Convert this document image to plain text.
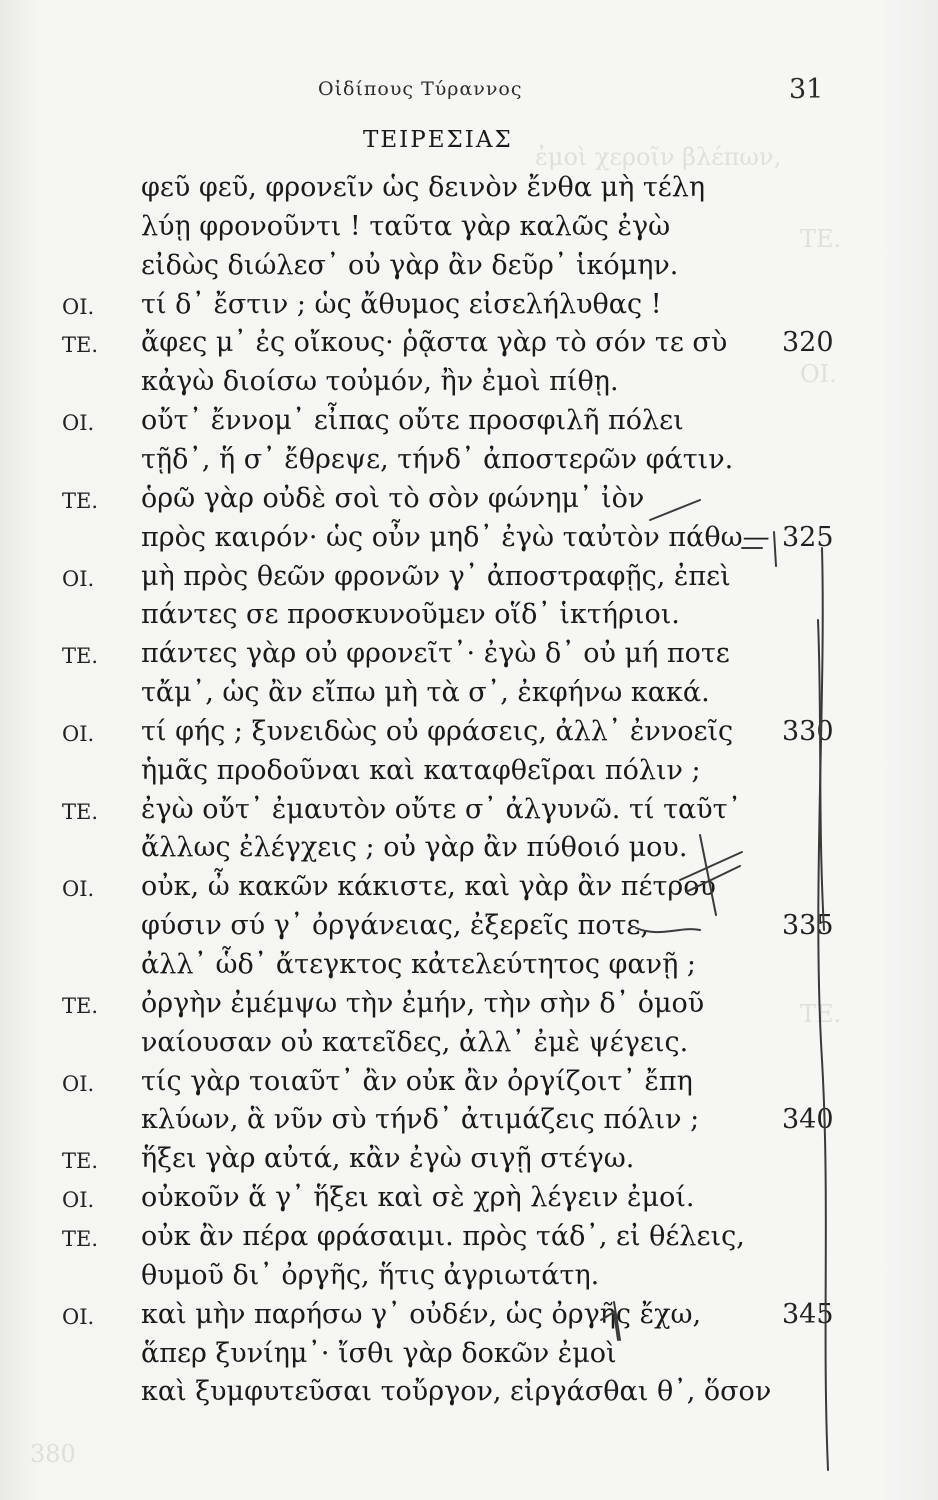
ἐμοὶ χεροῖν βλέπων,
ΤΕ.
ΟΙ.
ΤΕ.
380
Οἰδίπους Τύραννος	31
ΤΕΙΡΕΣΙΑΣ
φεῦ φεῦ, φρονεῖν ὡς δεινὸν ἔνθα μὴ τέλη
λύῃ φρονοῦντι ! ταῦτα γὰρ καλῶς ἐγὼ
εἰδὼς διώλεσ᾽ οὐ γὰρ ἂν δεῦρ᾽ ἱκόμην.
ΟΙ. τί δ᾽ ἔστιν ; ὡς ἄθυμος εἰσελήλυθας !
ΤΕ. ἄφες μ᾽ ἐς οἴκους· ῥᾷστα γὰρ τὸ σόν τε σὺ 320
κἀγὼ διοίσω τοὐμόν, ἢν ἐμοὶ πίθῃ.
ΟΙ. οὔτ᾽ ἔννομ᾽ εἶπας οὔτε προσφιλῆ πόλει
τῇδ᾽, ἥ σ᾽ ἔθρεψε, τήνδ᾽ ἀποστερῶν φάτιν.
ΤΕ. ὁρῶ γὰρ οὐδὲ σοὶ τὸ σὸν φώνημ᾽ ἰὸν
πρὸς καιρόν· ὡς οὖν μηδ᾽ ἐγὼ ταὐτὸν πάθω— 325
ΟΙ. μὴ πρὸς θεῶν φρονῶν γ᾽ ἀποστραφῇς, ἐπεὶ
πάντες σε προσκυνοῦμεν οἵδ᾽ ἱκτήριοι.
ΤΕ. πάντες γὰρ οὐ φρονεῖτ᾽· ἐγὼ δ᾽ οὐ μή ποτε
τἄμ᾽, ὡς ἂν εἴπω μὴ τὰ σ᾽, ἐκφήνω κακά.
ΟΙ. τί φής ; ξυνειδὼς οὐ φράσεις, ἀλλ᾽ ἐννοεῖς 330
ἡμᾶς προδοῦναι καὶ καταφθεῖραι πόλιν ;
ΤΕ. ἐγὼ οὔτ᾽ ἐμαυτὸν οὔτε σ᾽ ἀλγυνῶ. τί ταῦτ᾽
ἄλλως ἐλέγχεις ; οὐ γὰρ ἂν πύθοιό μου.
ΟΙ. οὐκ, ὦ κακῶν κάκιστε, καὶ γὰρ ἂν πέτρου
φύσιν σύ γ᾽ ὀργάνειας, ἐξερεῖς ποτε,	335
ἀλλ᾽ ὧδ᾽ ἄτεγκτος κἀτελεύτητος φανῇ ;
ΤΕ. ὀργὴν ἐμέμψω τὴν ἐμήν, τὴν σὴν δ᾽ ὁμοῦ
ναίουσαν οὐ κατεῖδες, ἀλλ᾽ ἐμὲ ψέγεις.
ΟΙ. τίς γὰρ τοιαῦτ᾽ ἂν οὐκ ἂν ὀργίζοιτ᾽ ἔπη
κλύων, ἃ νῦν σὺ τήνδ᾽ ἀτιμάζεις πόλιν ;	340
ΤΕ. ἥξει γὰρ αὐτά, κἂν ἐγὼ σιγῇ στέγω.
ΟΙ. οὐκοῦν ἅ γ᾽ ἥξει καὶ σὲ χρὴ λέγειν ἐμοί.
ΤΕ. οὐκ ἂν πέρα φράσαιμι. πρὸς τάδ᾽, εἰ θέλεις,
θυμοῦ δι᾽ ὀργῆς, ἥτις ἀγριωτάτη.
ΟΙ. καὶ μὴν παρήσω γ᾽ οὐδέν, ὡς ὀργῆς ἔχω,	345
ἅπερ ξυνίημ᾽· ἴσθι γὰρ δοκῶν ἐμοὶ
καὶ ξυμφυτεῦσαι τοὔργον, εἰργάσθαι θ᾽, ὅσον
